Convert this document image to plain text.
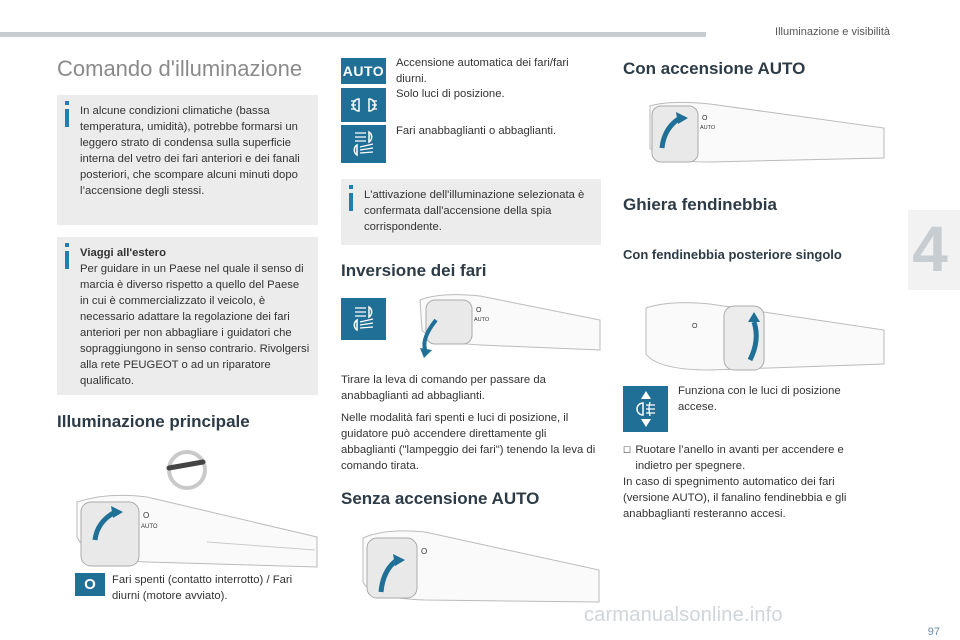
Illuminazione e visibilità
4
97
carmanualsonline.info
Comando d'illuminazione
In alcune condizioni climatiche (bassa temperatura, umidità), potrebbe formarsi un leggero strato di condensa sulla superficie interna del vetro dei fari anteriori e dei fanali posteriori, che scompare alcuni minuti dopo l’accensione degli stessi.
Viaggi all'estero
Per guidare in un Paese nel quale il senso di marcia è diverso rispetto a quello del Paese in cui è commercializzato il veicolo, è necessario adattare la regolazione dei fari anteriori per non abbagliare i guidatori che sopraggiungono in senso contrario. Rivolgersi alla rete PEUGEOT o ad un riparatore qualificato.
Illuminazione principale
O
AUTO
O Fari spenti (contatto interrotto) / Fari diurni (motore avviato).
AUTO Accensione automatica dei fari/fari diurni.
Solo luci di posizione.
Fari anabbaglianti o abbaglianti.
L'attivazione dell'illuminazione selezionata è confermata dall'accensione della spia corrispondente.
Inversione dei fari
O
AUTO
Tirare la leva di comando per passare da anabbaglianti ad abbaglianti.
Nelle modalità fari spenti e luci di posizione, il guidatore può accendere direttamente gli abbaglianti ("lampeggio dei fari") tenendo la leva di comando tirata.
Senza accensione AUTO
O
Con accensione AUTO
O
AUTO
Ghiera fendinebbia
Con fendinebbia posteriore singolo
O
Funziona con le luci di posizione accese.
☐ Ruotare l’anello in avanti per accendere e indietro per spegnere.
In caso di spegnimento automatico dei fari (versione AUTO), il fanalino fendinebbia e gli anabbaglianti resteranno accesi.
